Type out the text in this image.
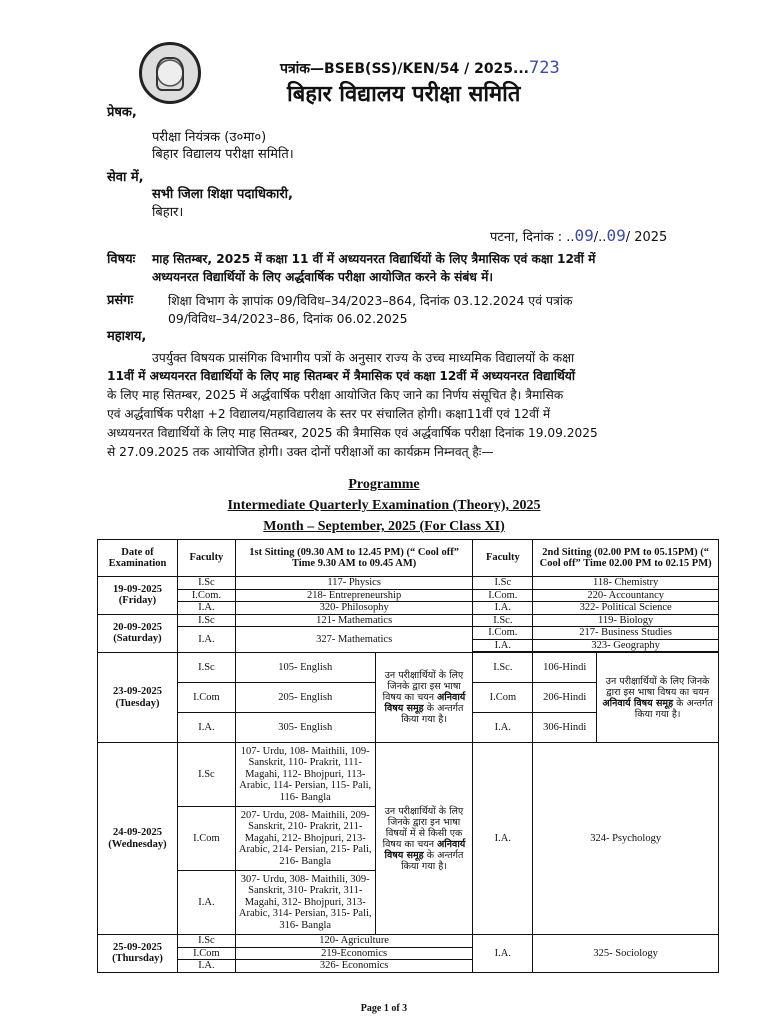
पत्रांक—BSEB(SS)/KEN/54 / 2025...723
बिहार विद्यालय परीक्षा समिति
प्रेषक,
परीक्षा नियंत्रक (उ०मा०)
बिहार विद्यालय परीक्षा समिति।
सेवा में,
सभी जिला शिक्षा पदाधिकारी,
बिहार।
पटना, दिनांक : ..09/..09/ 2025
विषयः माह सितम्बर, 2025 में कक्षा 11 वीं में अध्ययनरत विद्यार्थियों के लिए त्रैमासिक एवं कक्षा 12वीं में
अध्ययनरत विद्यार्थियों के लिए अर्द्धवार्षिक परीक्षा आयोजित करने के संबंध में।
प्रसंगः	शिक्षा विभाग के ज्ञापांक 09/विविध–34/2023–864, दिनांक 03.12.2024 एवं पत्रांक
09/विविध–34/2023–86, दिनांक 06.02.2025
महाशय,
उपर्युक्त विषयक प्रासंगिक विभागीय पत्रों के अनुसार राज्य के उच्च माध्यमिक विद्यालयों के कक्षा
11वीं में अध्ययनरत विद्यार्थियों के लिए माह सितम्बर में त्रैमासिक एवं कक्षा 12वीं में अध्ययनरत विद्यार्थियों
के लिए माह सितम्बर, 2025 में अर्द्धवार्षिक परीक्षा आयोजित किए जाने का निर्णय संसूचित है। त्रैमासिक
एवं अर्द्धवार्षिक परीक्षा +2 विद्यालय/महाविद्यालय के स्तर पर संचालित होगी। कक्षा11वीं एवं 12वीं में
अध्ययनरत विद्यार्थियों के लिए माह सितम्बर, 2025 की त्रैमासिक एवं अर्द्धवार्षिक परीक्षा दिनांक 19.09.2025
से 27.09.2025 तक आयोजित होगी। उक्त दोनों परीक्षाओं का कार्यक्रम निम्नवत् हैः—
Programme
Intermediate Quarterly Examination (Theory), 2025
Month – September, 2025 (For Class XI)
Date of Examination	Faculty	1st Sitting (09.30 AM to 12.45 PM) (“ Cool off” Time 9.30 AM to 09.45 AM)		Faculty	2nd Sitting (02.00 PM to 05.15PM) (“ Cool off” Time 02.00 PM to 02.15 PM)	
19-09-2025
(Friday)	I.Sc	117- Physics		I.Sc	118- Chemistry	
	I.Com.	218- Entrepreneurship		I.Com.	220- Accountancy	
	I.A.	320- Philosophy		I.A.	322- Political Science	
20-09-2025
(Saturday)	I.Sc	121- Mathematics		I.Sc.	119- Biology	
	I.A.	327- Mathematics		I.Com.	217- Business Studies	
				I.A.	323- Geography	

23-09-2025
(Tuesday)	I.Sc	105- English	उन परीक्षार्थियों के लिए जिनके द्वारा इस भाषा विषय का चयन अनिवार्य विषय समूह के अन्तर्गत किया गया है।	I.Sc.	106-Hindi	उन परीक्षार्थियों के लिए जिनके द्वारा इस भाषा विषय का चयन अनिवार्य विषय समूह के अन्तर्गत किया गया है।
	I.Com	205- English		I.Com	206-Hindi	
	I.A.	305- English		I.A.	306-Hindi	
24-09-2025
(Wednesday)	I.Sc	107- Urdu, 108- Maithili, 109- Sanskrit, 110- Prakrit, 111- Magahi, 112- Bhojpuri, 113- Arabic, 114- Persian, 115- Pali, 116- Bangla	उन परीक्षार्थियों के लिए जिनके द्वारा इन भाषा विषयों में से किसी एक विषय का चयन अनिवार्य विषय समूह के अन्तर्गत किया गया है।	I.A.	324- Psychology	
	I.Com	207- Urdu, 208- Maithili, 209- Sanskrit, 210- Prakrit, 211- Magahi, 212- Bhojpuri, 213- Arabic, 214- Persian, 215- Pali, 216- Bangla				
	I.A.	307- Urdu, 308- Maithili, 309- Sanskrit, 310- Prakrit, 311- Magahi, 312- Bhojpuri, 313- Arabic, 314- Persian, 315- Pali, 316- Bangla				
25-09-2025
(Thursday)	I.Sc	120- Agriculture		I.A.	325- Sociology	
	I.Com	219-Economics				
	I.A.	326- Economics				
Page 1 of 3
